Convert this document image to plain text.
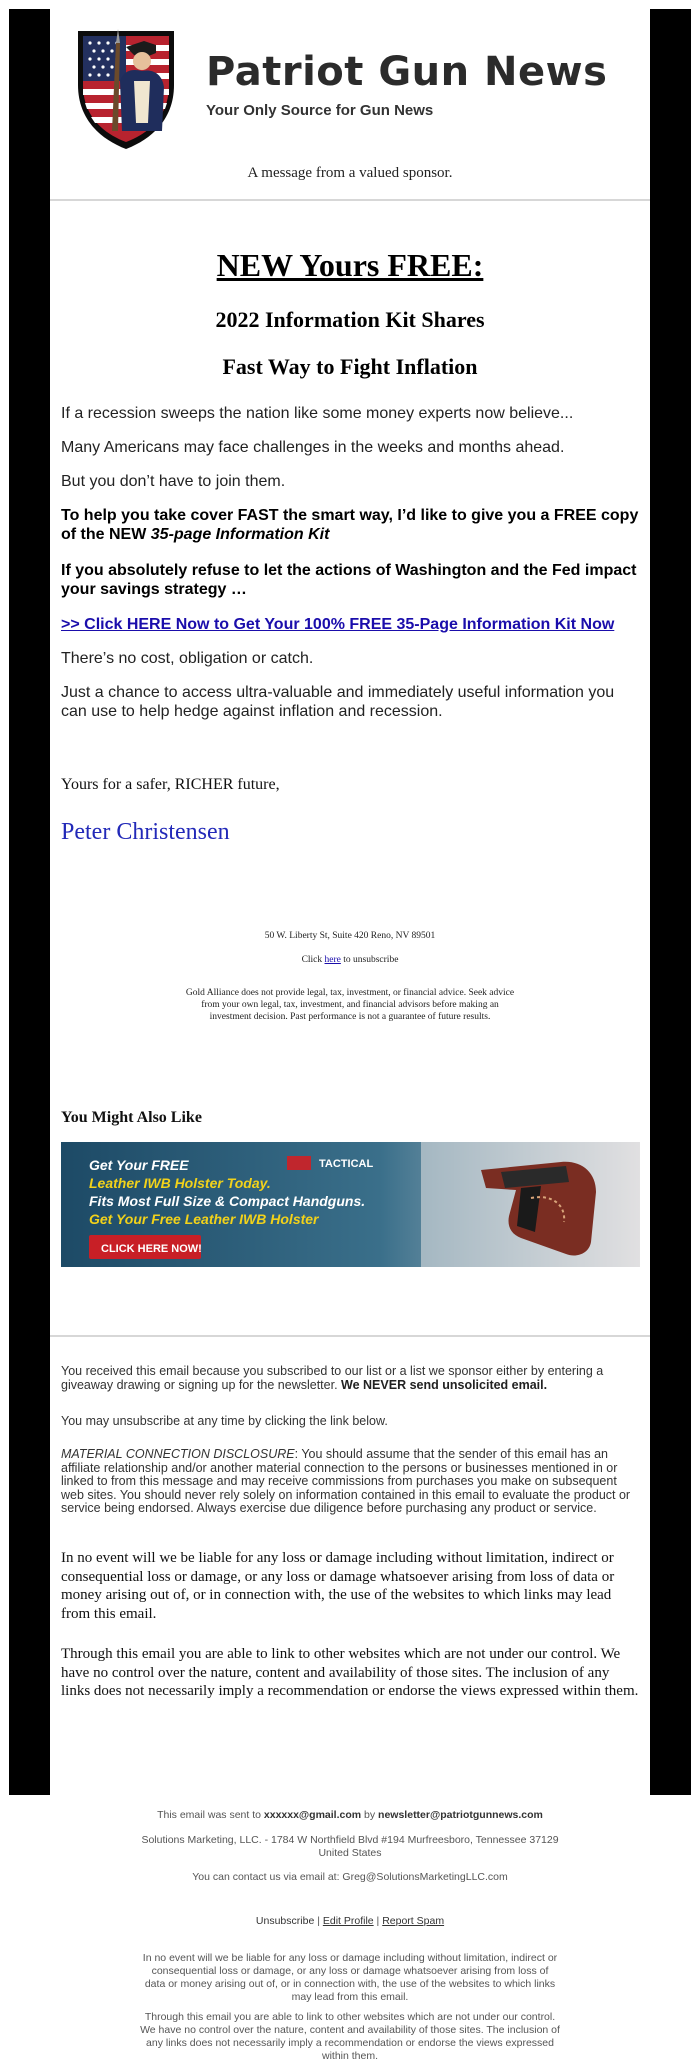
Patriot Gun News
Your Only Source for Gun News
A message from a valued sponsor.
NEW Yours FREE:
2022 Information Kit Shares
Fast Way to Fight Inflation
If a recession sweeps the nation like some money experts now believe...
Many Americans may face challenges in the weeks and months ahead.
But you don’t have to join them.
To help you take cover FAST the smart way, I’d like to give you a FREE copy of the NEW 35-page Information Kit
If you absolutely refuse to let the actions of Washington and the Fed impact your savings strategy …
>> Click HERE Now to Get Your 100% FREE 35-Page Information Kit Now
There’s no cost, obligation or catch.
Just a chance to access ultra-valuable and immediately useful information you can use to help hedge against inflation and recession.
Yours for a safer, RICHER future,
Peter Christensen
50 W. Liberty St, Suite 420 Reno, NV 89501
Click here to unsubscribe
Gold Alliance does not provide legal, tax, investment, or financial advice. Seek advice from your own legal, tax, investment, and financial advisors before making an investment decision. Past performance is not a guarantee of future results.
You Might Also Like
TACTICAL
Get Your FREE
Leather IWB Holster Today.
Fits Most Full Size & Compact Handguns.
Get Your Free Leather IWB Holster
CLICK HERE NOW!
You received this email because you subscribed to our list or a list we sponsor either by entering a giveaway drawing or signing up for the newsletter. We NEVER send unsolicited email.
You may unsubscribe at any time by clicking the link below.
MATERIAL CONNECTION DISCLOSURE: You should assume that the sender of this email has an affiliate relationship and/or another material connection to the persons or businesses mentioned in or linked to from this message and may receive commissions from purchases you make on subsequent web sites. You should never rely solely on information contained in this email to evaluate the product or service being endorsed. Always exercise due diligence before purchasing any product or service.
In no event will we be liable for any loss or damage including without limitation, indirect or consequential loss or damage, or any loss or damage whatsoever arising from loss of data or money arising out of, or in connection with, the use of the websites to which links may lead from this email.
Through this email you are able to link to other websites which are not under our control. We have no control over the nature, content and availability of those sites. The inclusion of any links does not necessarily imply a recommendation or endorse the views expressed within them.
This email was sent to xxxxxx@gmail.com by newsletter@patriotgunnews.com
Solutions Marketing, LLC. - 1784 W Northfield Blvd #194 Murfreesboro, Tennessee 37129 United States
You can contact us via email at: Greg@SolutionsMarketingLLC.com
Unsubscribe | Edit Profile | Report Spam
In no event will we be liable for any loss or damage including without limitation, indirect or consequential loss or damage, or any loss or damage whatsoever arising from loss of data or money arising out of, or in connection with, the use of the websites to which links may lead from this email.
Through this email you are able to link to other websites which are not under our control. We have no control over the nature, content and availability of those sites. The inclusion of any links does not necessarily imply a recommendation or endorse the views expressed within them.
